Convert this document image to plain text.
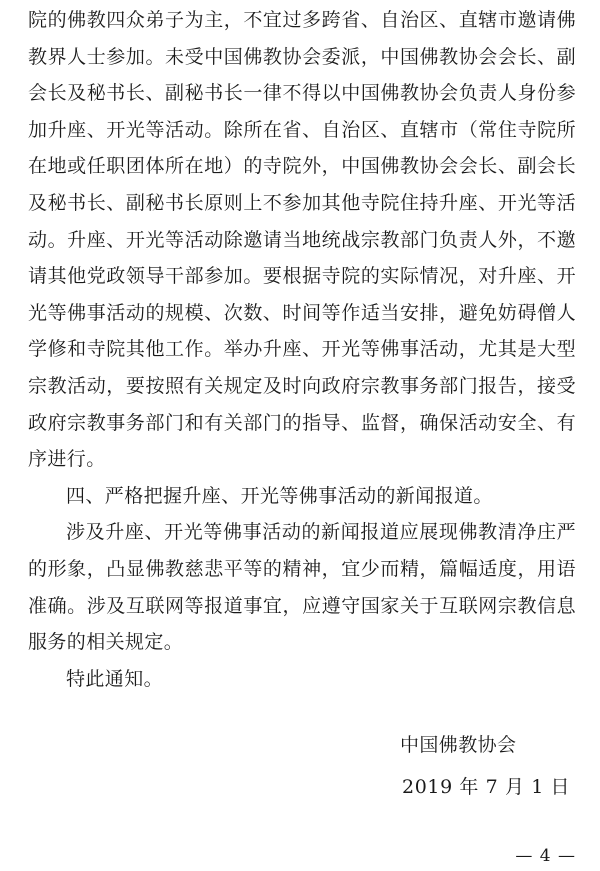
院的佛教四众弟子为主，不宜过多跨省、自治区、直辖市邀请佛教界人士参加。未受中国佛教协会委派，中国佛教协会会长、副会长及秘书长、副秘书长一律不得以中国佛教协会负责人身份参加升座、开光等活动。除所在省、自治区、直辖市（常住寺院所在地或任职团体所在地）的寺院外，中国佛教协会会长、副会长及秘书长、副秘书长原则上不参加其他寺院住持升座、开光等活动。升座、开光等活动除邀请当地统战宗教部门负责人外，不邀请其他党政领导干部参加。要根据寺院的实际情况，对升座、开光等佛事活动的规模、次数、时间等作适当安排，避免妨碍僧人学修和寺院其他工作。举办升座、开光等佛事活动，尤其是大型宗教活动，要按照有关规定及时向政府宗教事务部门报告，接受政府宗教事务部门和有关部门的指导、监督，确保活动安全、有序进行。

四、严格把握升座、开光等佛事活动的新闻报道。

涉及升座、开光等佛事活动的新闻报道应展现佛教清净庄严的形象，凸显佛教慈悲平等的精神，宜少而精，篇幅适度，用语准确。涉及互联网等报道事宜，应遵守国家关于互联网宗教信息服务的相关规定。

特此通知。

中国佛教协会
2019 年 7 月 1 日
— 4 —
